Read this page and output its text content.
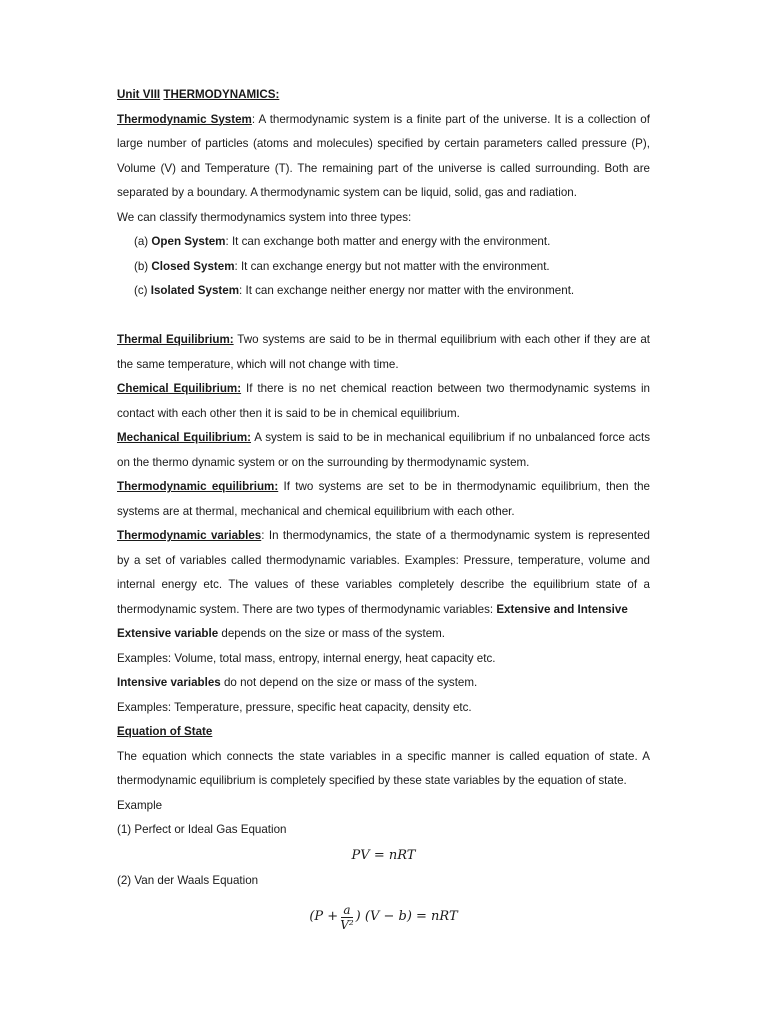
Unit VIII THERMODYNAMICS:

Thermodynamic System: A thermodynamic system is a finite part of the universe. It is a collection of large number of particles (atoms and molecules) specified by certain parameters called pressure (P), Volume (V) and Temperature (T). The remaining part of the universe is called surrounding. Both are separated by a boundary. A thermodynamic system can be liquid, solid, gas and radiation.

We can classify thermodynamics system into three types:

(a) Open System: It can exchange both matter and energy with the environment.

(b) Closed System: It can exchange energy but not matter with the environment.

(c) Isolated System: It can exchange neither energy nor matter with the environment.

Thermal Equilibrium: Two systems are said to be in thermal equilibrium with each other if they are at the same temperature, which will not change with time.

Chemical Equilibrium: If there is no net chemical reaction between two thermodynamic systems in contact with each other then it is said to be in chemical equilibrium.

Mechanical Equilibrium: A system is said to be in mechanical equilibrium if no unbalanced force acts on the thermo dynamic system or on the surrounding by thermodynamic system.

Thermodynamic equilibrium: If two systems are set to be in thermodynamic equilibrium, then the systems are at thermal, mechanical and chemical equilibrium with each other.

Thermodynamic variables: In thermodynamics, the state of a thermodynamic system is represented by a set of variables called thermodynamic variables. Examples: Pressure, temperature, volume and internal energy etc. The values of these variables completely describe the equilibrium state of a thermodynamic system. There are two types of thermodynamic variables: Extensive and Intensive

Extensive variable depends on the size or mass of the system.

Examples: Volume, total mass, entropy, internal energy, heat capacity etc.

Intensive variables do not depend on the size or mass of the system.

Examples: Temperature, pressure, specific heat capacity, density etc.

Equation of State

The equation which connects the state variables in a specific manner is called equation of state. A thermodynamic equilibrium is completely specified by these state variables by the equation of state.

Example

(1) Perfect or Ideal Gas Equation

PV = nRT

(2) Van der Waals Equation

($P + \frac{a}{\text{V²}}$ ) (V − b) = nRT
